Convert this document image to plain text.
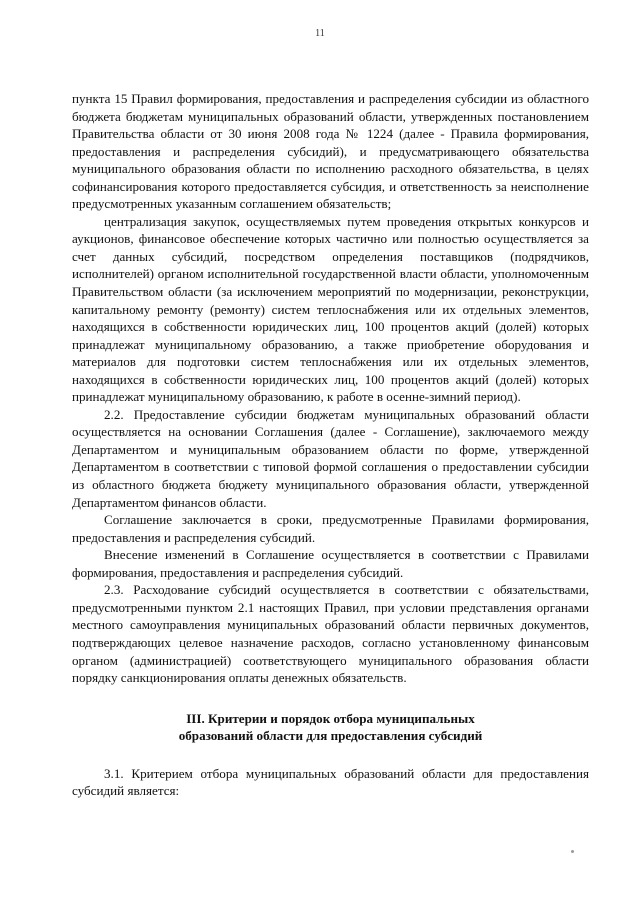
11

пункта 15 Правил формирования, предоставления и распределения субсидии из областного бюджета бюджетам муниципальных образований области, утвержденных постановлением Правительства области от 30 июня 2008 года № 1224 (далее - Правила формирования, предоставления и распределения субсидий), и предусматривающего обязательства муниципального образования области по исполнению расходного обязательства, в целях софинансирования которого предоставляется субсидия, и ответственность за неисполнение предусмотренных указанным соглашением обязательств;

централизация закупок, осуществляемых путем проведения открытых конкурсов и аукционов, финансовое обеспечение которых частично или полностью осуществляется за счет данных субсидий, посредством определения поставщиков (подрядчиков, исполнителей) органом исполнительной государственной власти области, уполномоченным Правительством области (за исключением мероприятий по модернизации, реконструкции, капитальному ремонту (ремонту) систем теплоснабжения или их отдельных элементов, находящихся в собственности юридических лиц, 100 процентов акций (долей) которых принадлежат муниципальному образованию, а также приобретение оборудования и материалов для подготовки систем теплоснабжения или их отдельных элементов, находящихся в собственности юридических лиц, 100 процентов акций (долей) которых принадлежат муниципальному образованию, к работе в осенне-зимний период).

2.2. Предоставление субсидии бюджетам муниципальных образований области осуществляется на основании Соглашения (далее - Соглашение), заключаемого между Департаментом и муниципальным образованием области по форме, утвержденной Департаментом в соответствии с типовой формой соглашения о предоставлении субсидии из областного бюджета бюджету муниципального образования области, утвержденной Департаментом финансов области.

Соглашение заключается в сроки, предусмотренные Правилами формирования, предоставления и распределения субсидий.

Внесение изменений в Соглашение осуществляется в соответствии с Правилами формирования, предоставления и распределения субсидий.

2.3. Расходование субсидий осуществляется в соответствии с обязательствами, предусмотренными пунктом 2.1 настоящих Правил, при условии представления органами местного самоуправления муниципальных образований области первичных документов, подтверждающих целевое назначение расходов, согласно установленному финансовым органом (администрацией) соответствующего муниципального образования области порядку санкционирования оплаты денежных обязательств.

III. Критерии и порядок отбора муниципальных
образований области для предоставления субсидий

3.1. Критерием отбора муниципальных образований области для предоставления субсидий является:
